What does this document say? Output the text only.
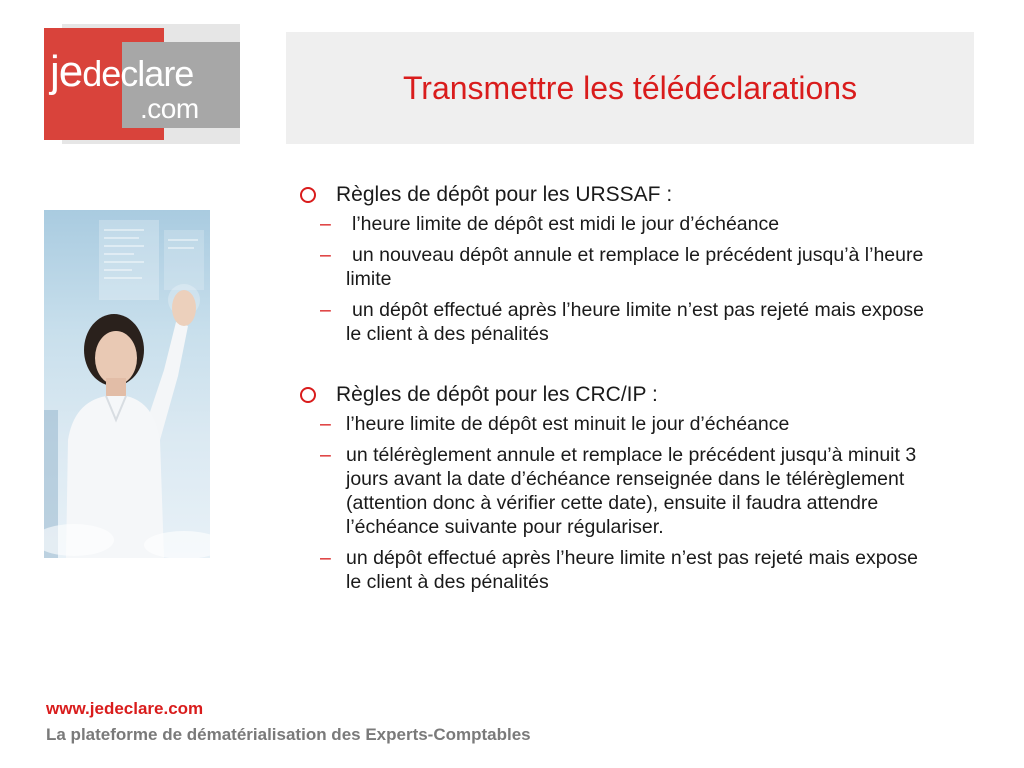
jedeclare
.com
Transmettre les télédéclarations
Règles de dépôt pour les URSSAF :
–	l’heure limite de dépôt est midi le jour d’échéance
–	un nouveau dépôt annule et remplace le précédent jusqu’à l’heure limite
–	un dépôt effectué après l’heure limite n’est pas rejeté mais expose le client à des pénalités
Règles de dépôt pour les CRC/IP :
– l’heure limite de dépôt est minuit le jour d’échéance
– un télérèglement annule et remplace le précédent jusqu’à minuit 3 jours avant la date d’échéance renseignée dans le télérèglement (attention donc à vérifier cette date), ensuite il faudra attendre l’échéance suivante pour régulariser.
– un dépôt effectué après l’heure limite n’est pas rejeté mais expose le client à des pénalités
www.jedeclare.com
La plateforme de dématérialisation des Experts-Comptables
